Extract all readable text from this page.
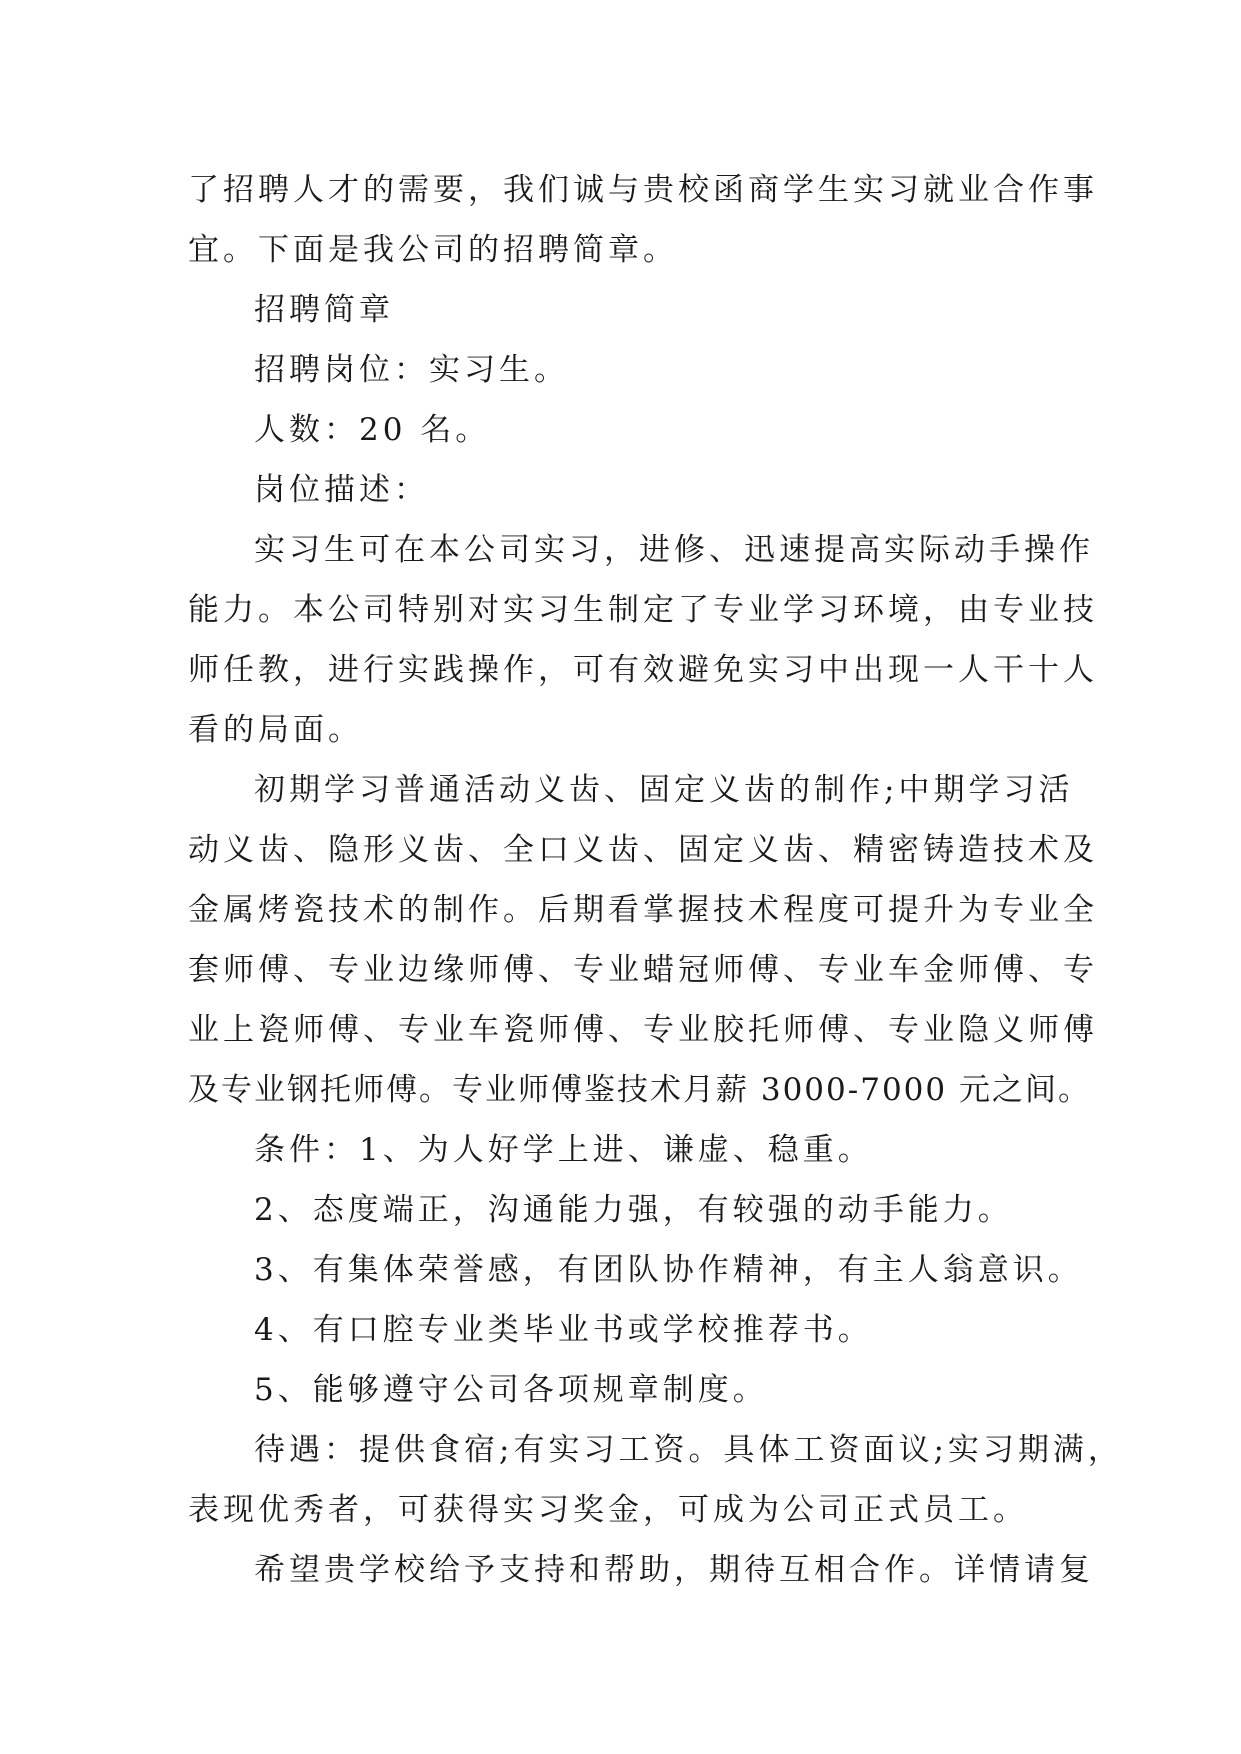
了招聘人才的需要，我们诚与贵校函商学生实习就业合作事
宜。下面是我公司的招聘简章。
招聘简章
招聘岗位：实习生。
人数：20 名。
岗位描述：
实习生可在本公司实习，进修、迅速提高实际动手操作
能力。本公司特别对实习生制定了专业学习环境，由专业技
师任教，进行实践操作，可有效避免实习中出现一人干十人
看的局面。
初期学习普通活动义齿、固定义齿的制作;中期学习活
动义齿、隐形义齿、全口义齿、固定义齿、精密铸造技术及
金属烤瓷技术的制作。后期看掌握技术程度可提升为专业全
套师傅、专业边缘师傅、专业蜡冠师傅、专业车金师傅、专
业上瓷师傅、专业车瓷师傅、专业胶托师傅、专业隐义师傅
及专业钢托师傅。专业师傅鉴技术月薪 3000-7000 元之间。
条件：1、为人好学上进、谦虚、稳重。
2、态度端正，沟通能力强，有较强的动手能力。
3、有集体荣誉感，有团队协作精神，有主人翁意识。
4、有口腔专业类毕业书或学校推荐书。
5、能够遵守公司各项规章制度。
待遇：提供食宿;有实习工资。具体工资面议;实习期满，
表现优秀者，可获得实习奖金，可成为公司正式员工。
希望贵学校给予支持和帮助，期待互相合作。详情请复
